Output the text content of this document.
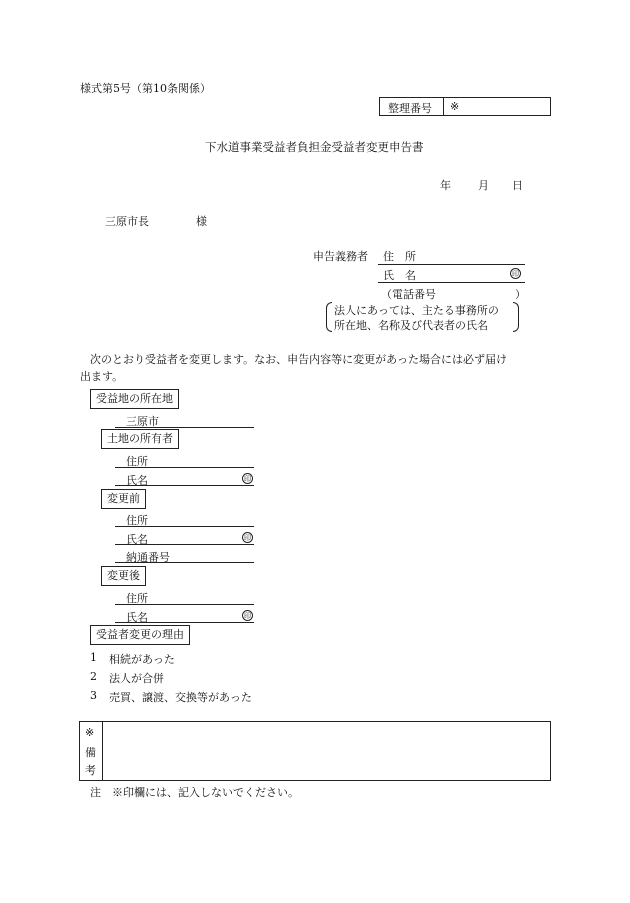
様式第5号（第10条関係）
整理番号 ※
下水道事業受益者負担金受益者変更申告書
年 月 日
三原市長	様
申告義務者 住　所
氏　名	印
（電話番号	）
法人にあっては、主たる事務所の
所在地、名称及び代表者の氏名
次のとおり受益者を変更します。なお、申告内容等に変更があった場合には必ず届け
出ます。
受益地の所在地
三原市
土地の所有者
住所
氏名	印
変更前
住所
氏名	印
納通番号
変更後
住所
氏名	印
受益者変更の理由
1 相続があった
2 法人が合併
3 売買、譲渡、交換等があった
※
備
考
注　※印欄には、記入しないでください。
